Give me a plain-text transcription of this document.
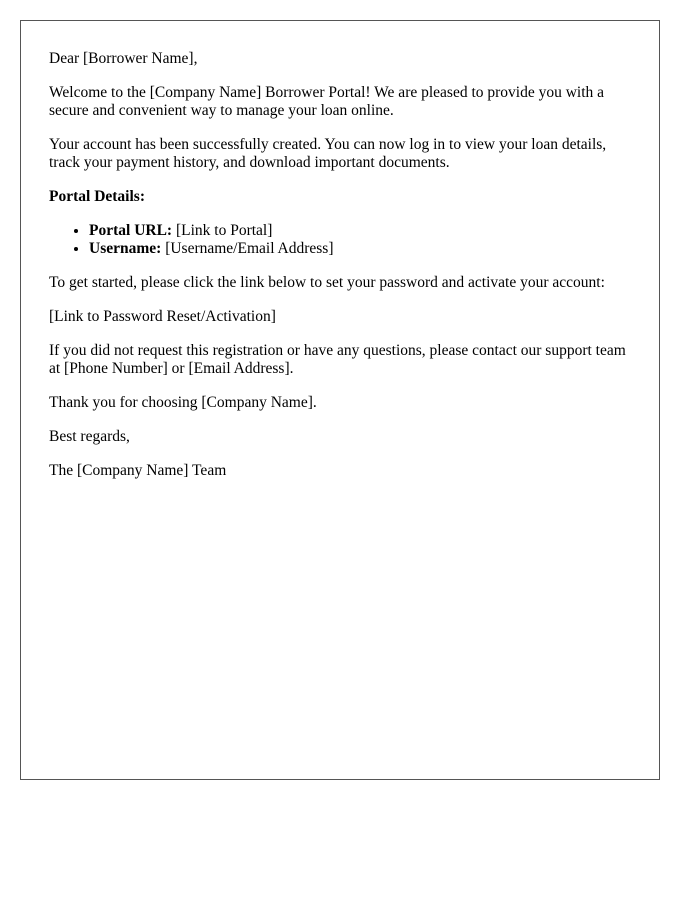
Dear [Borrower Name],

Welcome to the [Company Name] Borrower Portal! We are pleased to provide you with a secure and convenient way to manage your loan online.

Your account has been successfully created. You can now log in to view your loan details, track your payment history, and download important documents.

Portal Details:

• Portal URL: [Link to Portal]
• Username: [Username/Email Address]

To get started, please click the link below to set your password and activate your account:

[Link to Password Reset/Activation]

If you did not request this registration or have any questions, please contact our support team at [Phone Number] or [Email Address].

Thank you for choosing [Company Name].

Best regards,

The [Company Name] Team
